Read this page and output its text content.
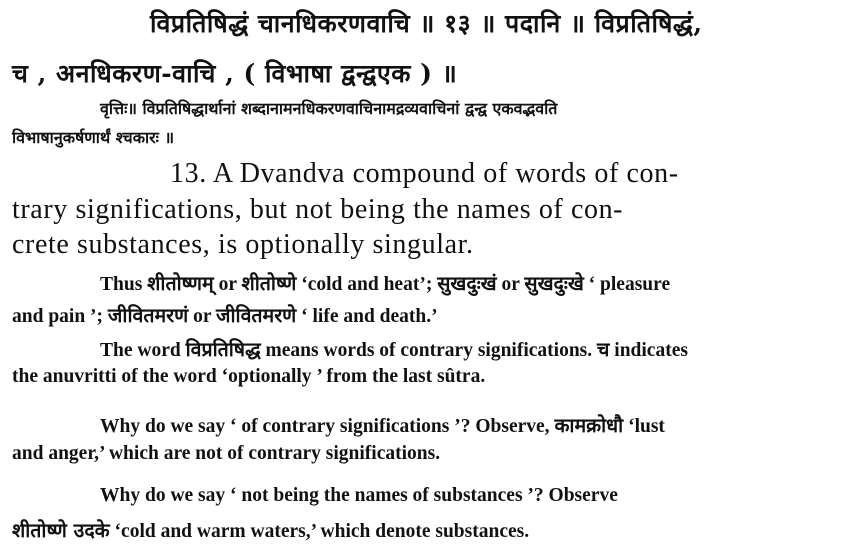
विप्रतिषिद्धं चानधिकरणवाचि ॥ १३ ॥ पदानि ॥ विप्रतिषिद्धं,
च , अनधिकरण-वाचि , ( विभाषा द्वन्द्वएक ) ॥
वृत्तिः॥ विप्रतिषिद्धार्थानां शब्दानामनधिकरणवाचिनामद्रव्यवाचिनां द्वन्द्व एकवद्भवति
विभाषानुकर्षणार्थं श्चकारः ॥
13. A Dvandva compound of words of con-
trary significations, but not being the names of con-
crete substances, is optionally singular.
Thus शीतोष्णम् or शीतोष्णे ‘cold and heat’; सुखदुःखं or सुखदुःखे ‘ pleasure
and pain ’; जीवितमरणं or जीवितमरणे ‘ life and death.’
The word विप्रतिषिद्ध means words of contrary significations. च indicates
the anuvritti of the word ‘optionally ’ from the last sûtra.
Why do we say ‘ of contrary significations ’? Observe, कामक्रोधौ ‘lust
and anger,’ which are not of contrary significations.
Why do we say ‘ not being the names of substances ’? Observe
शीतोष्णे उदके ‘cold and warm waters,’ which denote substances.
